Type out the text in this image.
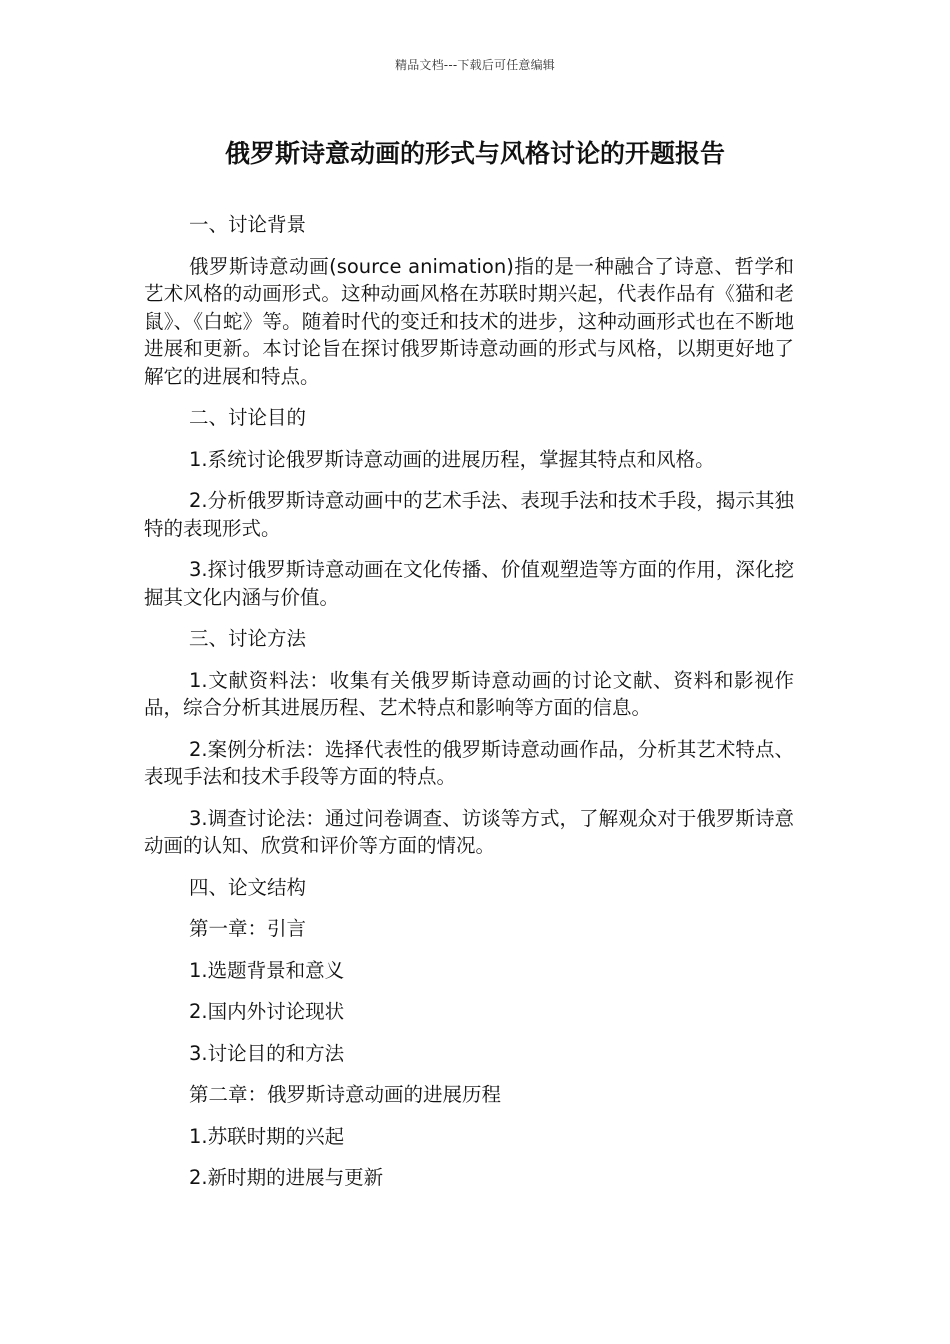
精品文档---下载后可任意编辑
俄罗斯诗意动画的形式与风格讨论的开题报告

一、讨论背景

俄罗斯诗意动画(source animation)指的是一种融合了诗意、哲学和艺术风格的动画形式。这种动画风格在苏联时期兴起，代表作品有《猫和老鼠》、《白蛇》等。随着时代的变迁和技术的进步，这种动画形式也在不断地进展和更新。本讨论旨在探讨俄罗斯诗意动画的形式与风格，以期更好地了解它的进展和特点。

二、讨论目的

1.系统讨论俄罗斯诗意动画的进展历程，掌握其特点和风格。

2.分析俄罗斯诗意动画中的艺术手法、表现手法和技术手段，揭示其独特的表现形式。

3.探讨俄罗斯诗意动画在文化传播、价值观塑造等方面的作用，深化挖掘其文化内涵与价值。

三、讨论方法

1.文献资料法：收集有关俄罗斯诗意动画的讨论文献、资料和影视作品，综合分析其进展历程、艺术特点和影响等方面的信息。

2.案例分析法：选择代表性的俄罗斯诗意动画作品，分析其艺术特点、表现手法和技术手段等方面的特点。

3.调查讨论法：通过问卷调查、访谈等方式，了解观众对于俄罗斯诗意动画的认知、欣赏和评价等方面的情况。

四、论文结构

第一章：引言

1.选题背景和意义

2.国内外讨论现状

3.讨论目的和方法

第二章：俄罗斯诗意动画的进展历程

1.苏联时期的兴起

2.新时期的进展与更新
